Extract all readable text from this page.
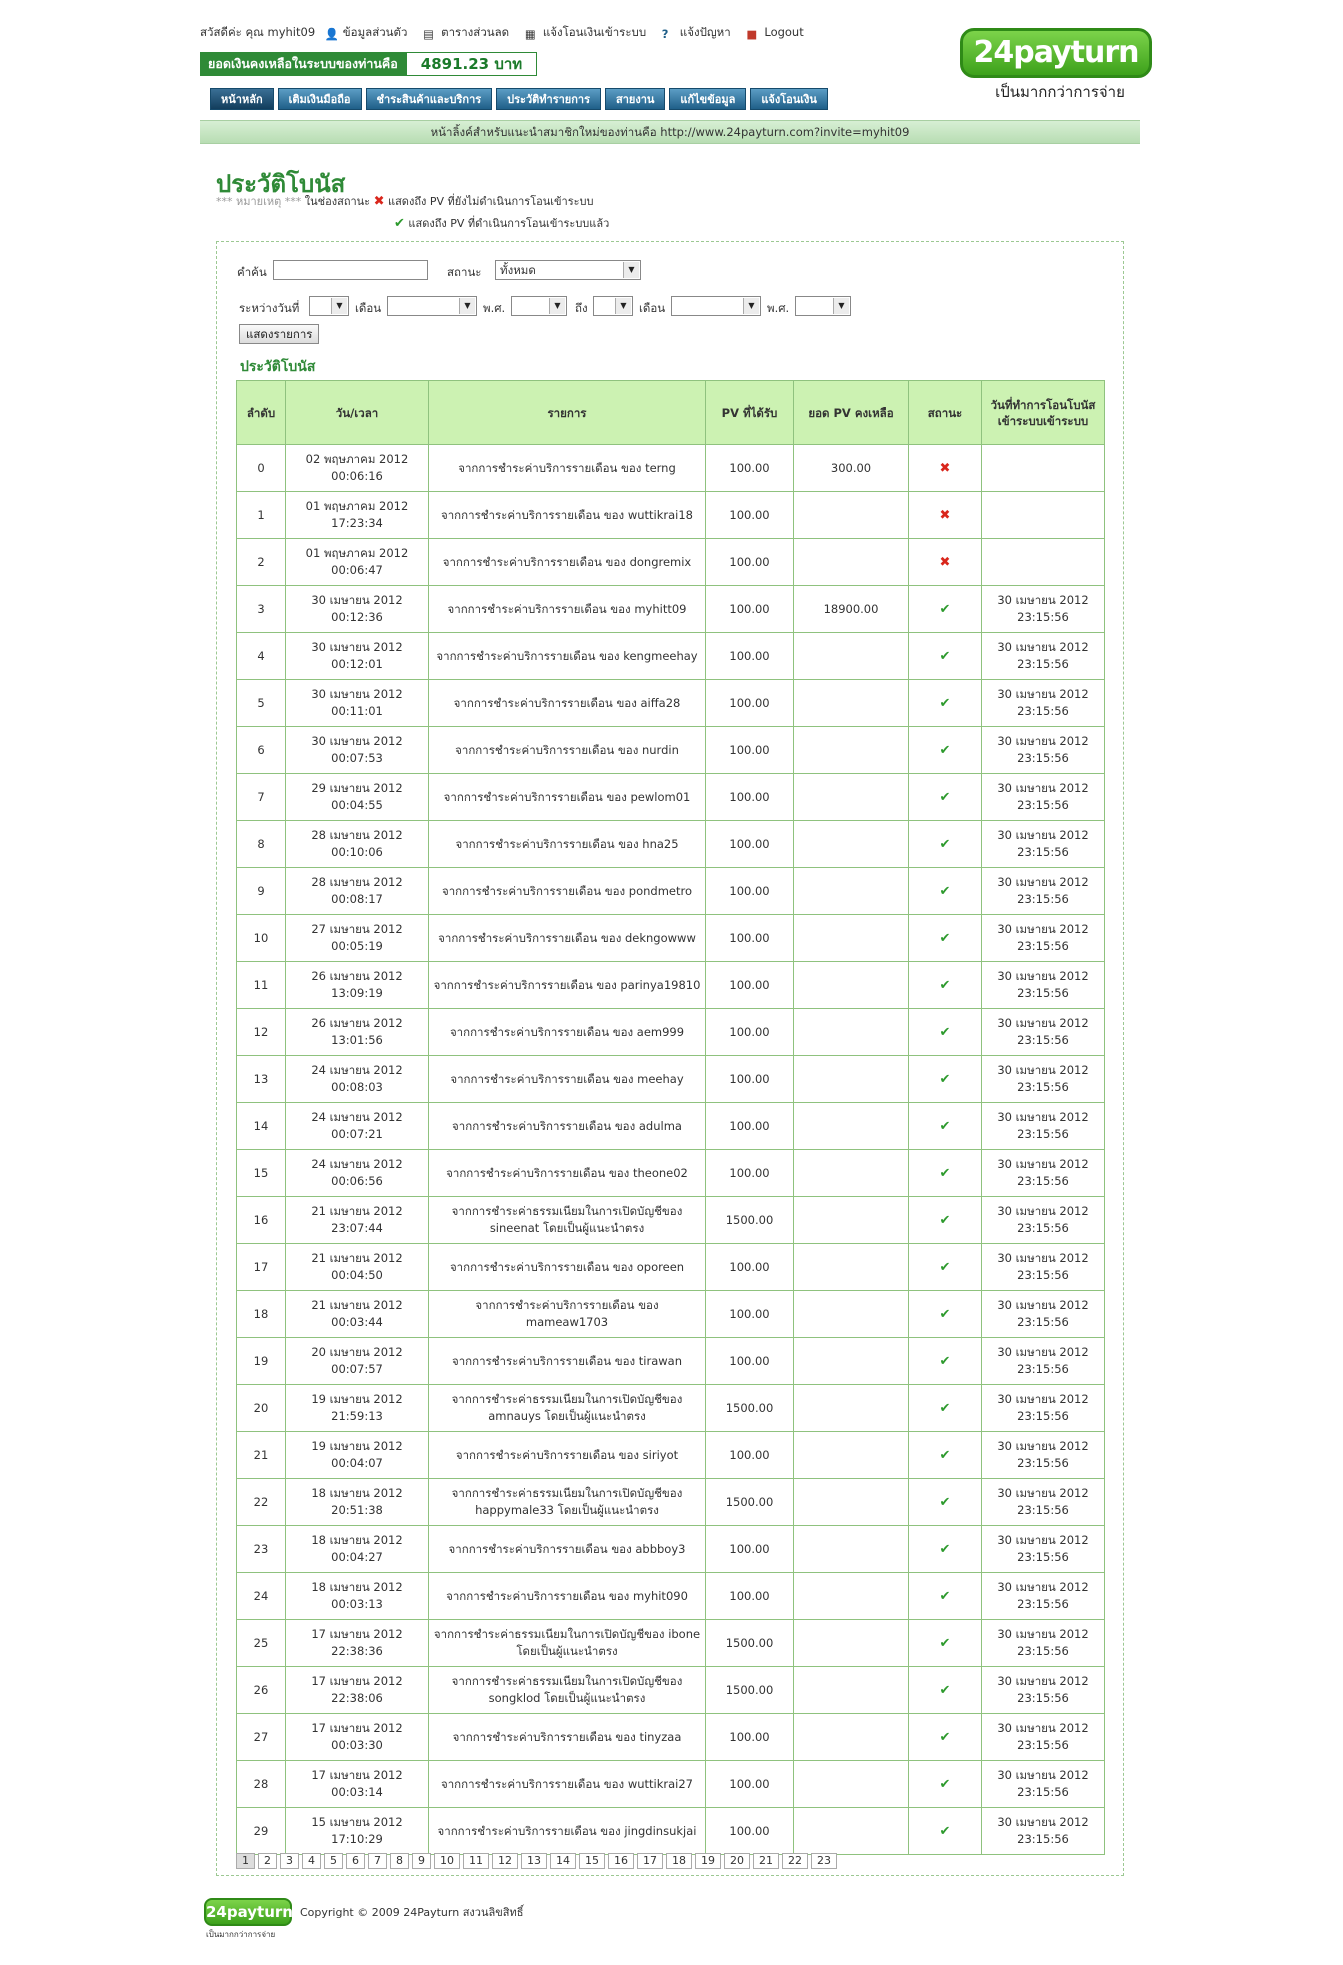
สวัสดีค่ะ คุณ myhit09 👤 ข้อมูลส่วนตัว ▤ ตารางส่วนลด ▦ แจ้งโอนเงินเข้าระบบ ? แจ้งปัญหา ■ Logout
ยอดเงินคงเหลือในระบบของท่านคือ	4891.23 บาท	24payturn
เป็นมากกว่าการจ่าย
หน้าหลัก	เติมเงินมือถือ	ชำระสินค้าและบริการ	ประวัติทำรายการ	สายงาน	แก้ไขข้อมูล	แจ้งโอนเงิน
หน้าลิ้งค์สำหรับแนะนำสมาชิกใหม่ของท่านคือ http://www.24payturn.com?invite=myhit09
ประวัติโบนัส
*** หมายเหตุ *** ในช่องสถานะ ✖ แสดงถึง PV ที่ยังไม่ดำเนินการโอนเข้าระบบ
✔ แสดงถึง PV ที่ดำเนินการโอนเข้าระบบแล้ว
คำค้น	สถานะ	ทั้งหมด	▼
ระหว่างวันที่	▼	เดือน	▼	พ.ศ.	▼	ถึง	▼	เดือน	▼	พ.ศ.	▼
แสดงรายการ
ประวัติโบนัส
ลำดับ	วัน/เวลา	รายการ	PV ที่ได้รับ	ยอด PV คงเหลือ	สถานะ	วันที่ทำการโอนโบนัส เข้าระบบเข้าระบบ
0	02 พฤษภาคม 2012
00:06:16	จากการชำระค่าบริการรายเดือน ของ terng	100.00	300.00	✖	

1	01 พฤษภาคม 2012
17:23:34	จากการชำระค่าบริการรายเดือน ของ wuttikrai18	100.00		✖	

2	01 พฤษภาคม 2012
00:06:47	จากการชำระค่าบริการรายเดือน ของ dongremix	100.00		✖	

3	30 เมษายน 2012
00:12:36	จากการชำระค่าบริการรายเดือน ของ myhitt09	100.00	18900.00	✔	30 เมษายน 2012
23:15:56
4	30 เมษายน 2012
00:12:01	จากการชำระค่าบริการรายเดือน ของ kengmeehay	100.00		✔	30 เมษายน 2012
23:15:56
5	30 เมษายน 2012
00:11:01	จากการชำระค่าบริการรายเดือน ของ aiffa28	100.00		✔	30 เมษายน 2012
23:15:56
6	30 เมษายน 2012
00:07:53	จากการชำระค่าบริการรายเดือน ของ nurdin	100.00		✔	30 เมษายน 2012
23:15:56
7	29 เมษายน 2012
00:04:55	จากการชำระค่าบริการรายเดือน ของ pewlom01	100.00		✔	30 เมษายน 2012
23:15:56
8	28 เมษายน 2012
00:10:06	จากการชำระค่าบริการรายเดือน ของ hna25	100.00		✔	30 เมษายน 2012
23:15:56
9	28 เมษายน 2012
00:08:17	จากการชำระค่าบริการรายเดือน ของ pondmetro	100.00		✔	30 เมษายน 2012
23:15:56
10	27 เมษายน 2012
00:05:19	จากการชำระค่าบริการรายเดือน ของ dekngowww	100.00		✔	30 เมษายน 2012
23:15:56
11	26 เมษายน 2012
13:09:19	จากการชำระค่าบริการรายเดือน ของ parinya19810	100.00		✔	30 เมษายน 2012
23:15:56
12	26 เมษายน 2012
13:01:56	จากการชำระค่าบริการรายเดือน ของ aem999	100.00		✔	30 เมษายน 2012
23:15:56
13	24 เมษายน 2012
00:08:03	จากการชำระค่าบริการรายเดือน ของ meehay	100.00		✔	30 เมษายน 2012
23:15:56
14	24 เมษายน 2012
00:07:21	จากการชำระค่าบริการรายเดือน ของ adulma	100.00		✔	30 เมษายน 2012
23:15:56
15	24 เมษายน 2012
00:06:56	จากการชำระค่าบริการรายเดือน ของ theone02	100.00		✔	30 เมษายน 2012
23:15:56
16	21 เมษายน 2012
23:07:44	จากการชำระค่าธรรมเนียมในการเปิดบัญชีของ sineenat โดยเป็นผู้แนะนำตรง	1500.00		✔	30 เมษายน 2012
23:15:56
17	21 เมษายน 2012
00:04:50	จากการชำระค่าบริการรายเดือน ของ oporeen	100.00		✔	30 เมษายน 2012
23:15:56
18	21 เมษายน 2012
00:03:44	จากการชำระค่าบริการรายเดือน ของ mameaw1703	100.00		✔	30 เมษายน 2012
23:15:56
19	20 เมษายน 2012
00:07:57	จากการชำระค่าบริการรายเดือน ของ tirawan	100.00		✔	30 เมษายน 2012
23:15:56
20	19 เมษายน 2012
21:59:13	จากการชำระค่าธรรมเนียมในการเปิดบัญชีของ amnauys โดยเป็นผู้แนะนำตรง	1500.00		✔	30 เมษายน 2012
23:15:56
21	19 เมษายน 2012
00:04:07	จากการชำระค่าบริการรายเดือน ของ siriyot	100.00		✔	30 เมษายน 2012
23:15:56
22	18 เมษายน 2012
20:51:38	จากการชำระค่าธรรมเนียมในการเปิดบัญชีของ happymale33 โดยเป็นผู้แนะนำตรง	1500.00		✔	30 เมษายน 2012
23:15:56
23	18 เมษายน 2012
00:04:27	จากการชำระค่าบริการรายเดือน ของ abbboy3	100.00		✔	30 เมษายน 2012
23:15:56
24	18 เมษายน 2012
00:03:13	จากการชำระค่าบริการรายเดือน ของ myhit090	100.00		✔	30 เมษายน 2012
23:15:56
25	17 เมษายน 2012
22:38:36	จากการชำระค่าธรรมเนียมในการเปิดบัญชีของ ibone โดยเป็นผู้แนะนำตรง	1500.00		✔	30 เมษายน 2012
23:15:56
26	17 เมษายน 2012
22:38:06	จากการชำระค่าธรรมเนียมในการเปิดบัญชีของ songklod โดยเป็นผู้แนะนำตรง	1500.00		✔	30 เมษายน 2012
23:15:56
27	17 เมษายน 2012
00:03:30	จากการชำระค่าบริการรายเดือน ของ tinyzaa	100.00		✔	30 เมษายน 2012
23:15:56
28	17 เมษายน 2012
00:03:14	จากการชำระค่าบริการรายเดือน ของ wuttikrai27	100.00		✔	30 เมษายน 2012
23:15:56
29	15 เมษายน 2012
17:10:29	จากการชำระค่าบริการรายเดือน ของ jingdinsukjai	100.00		✔	30 เมษายน 2012
23:15:56
1	2	3	4	5	6	7	8	9	10	11	12	13	14	15	16	17	18	19	20	21	22	23
24payturn
เป็นมากกว่าการจ่าย
Copyright © 2009 24Payturn สงวนลิขสิทธิ์
